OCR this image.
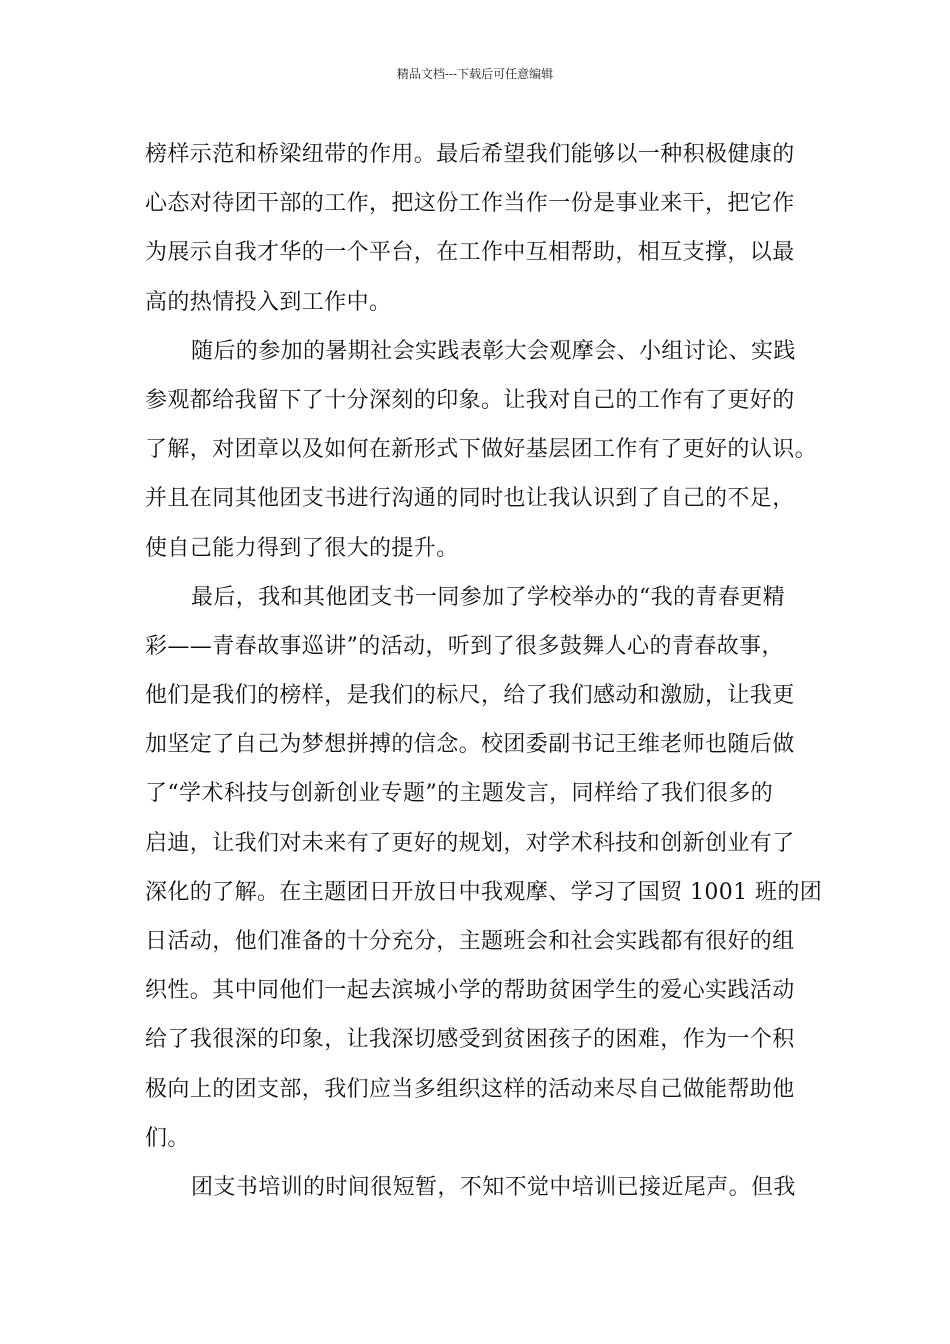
精品文档---下载后可任意编辑
榜样示范和桥梁纽带的作用。最后希望我们能够以一种积极健康的
心态对待团干部的工作，把这份工作当作一份是事业来干，把它作
为展示自我才华的一个平台，在工作中互相帮助，相互支撑，以最
高的热情投入到工作中。
随后的参加的暑期社会实践表彰大会观摩会、小组讨论、实践
参观都给我留下了十分深刻的印象。让我对自己的工作有了更好的
了解，对团章以及如何在新形式下做好基层团工作有了更好的认识。
并且在同其他团支书进行沟通的同时也让我认识到了自己的不足，
使自己能力得到了很大的提升。
最后，我和其他团支书一同参加了学校举办的“我的青春更精
彩——青春故事巡讲”的活动，听到了很多鼓舞人心的青春故事，
他们是我们的榜样，是我们的标尺，给了我们感动和激励，让我更
加坚定了自己为梦想拼搏的信念。校团委副书记王维老师也随后做
了“学术科技与创新创业专题”的主题发言，同样给了我们很多的
启迪，让我们对未来有了更好的规划，对学术科技和创新创业有了
深化的了解。在主题团日开放日中我观摩、学习了国贸 1001 班的团
日活动，他们准备的十分充分，主题班会和社会实践都有很好的组
织性。其中同他们一起去滨城小学的帮助贫困学生的爱心实践活动
给了我很深的印象，让我深切感受到贫困孩子的困难，作为一个积
极向上的团支部，我们应当多组织这样的活动来尽自己做能帮助他
们。
团支书培训的时间很短暂，不知不觉中培训已接近尾声。但我
